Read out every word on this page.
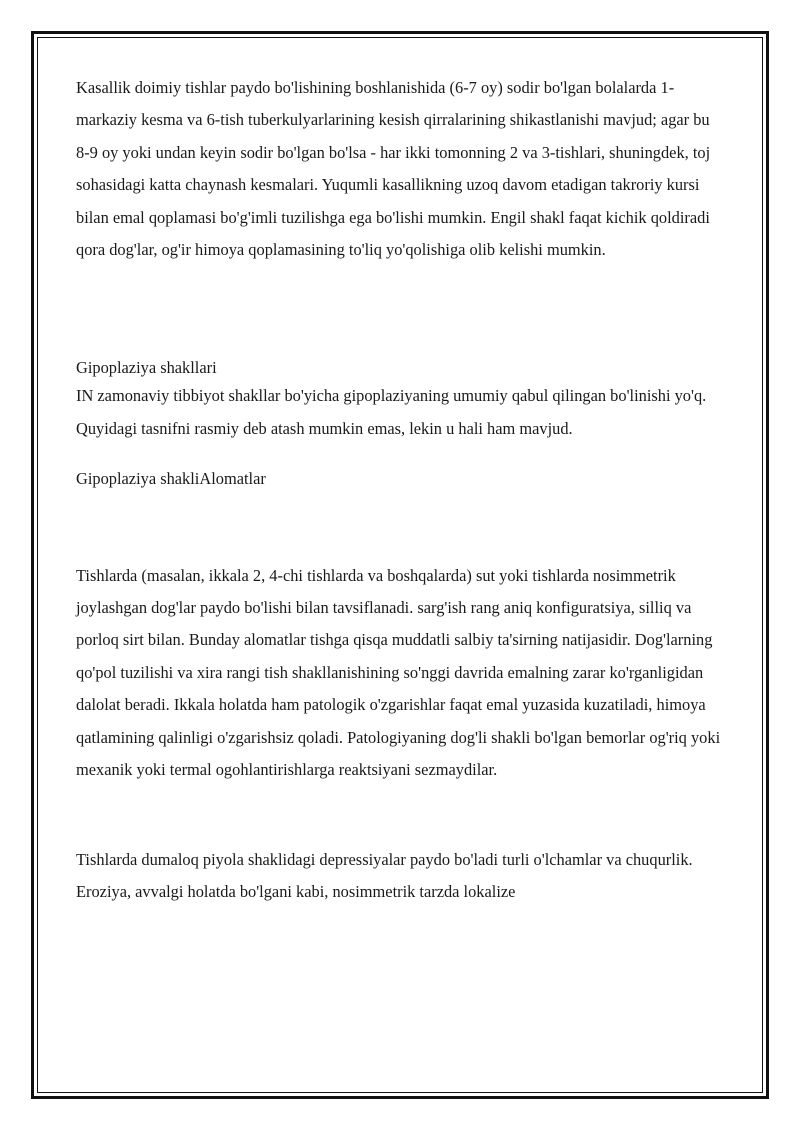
Kasallik doimiy tishlar paydo bo'lishining boshlanishida (6-7 oy) sodir bo'lgan bolalarda 1-markaziy kesma va 6-tish tuberkulyarlarining kesish qirralarining shikastlanishi mavjud; agar bu 8-9 oy yoki undan keyin sodir bo'lgan bo'lsa - har ikki tomonning 2 va 3-tishlari, shuningdek, toj sohasidagi katta chaynash kesmalari. Yuqumli kasallikning uzoq davom etadigan takroriy kursi bilan emal qoplamasi bo'g'imli tuzilishga ega bo'lishi mumkin. Engil shakl faqat kichik qoldiradi qora dog'lar, og'ir himoya qoplamasining to'liq yo'qolishiga olib kelishi mumkin.

Gipoplaziya shakllari

IN zamonaviy tibbiyot shakllar bo'yicha gipoplaziyaning umumiy qabul qilingan bo'linishi yo'q. Quyidagi tasnifni rasmiy deb atash mumkin emas, lekin u hali ham mavjud.

Gipoplaziya shakliAlomatlar

Tishlarda (masalan, ikkala 2, 4-chi tishlarda va boshqalarda) sut yoki tishlarda nosimmetrik joylashgan dog'lar paydo bo'lishi bilan tavsiflanadi. sarg'ish rang aniq konfiguratsiya, silliq va porloq sirt bilan. Bunday alomatlar tishga qisqa muddatli salbiy ta'sirning natijasidir. Dog'larning qo'pol tuzilishi va xira rangi tish shakllanishining so'nggi davrida emalning zarar ko'rganligidan dalolat beradi. Ikkala holatda ham patologik o'zgarishlar faqat emal yuzasida kuzatiladi, himoya qatlamining qalinligi o'zgarishsiz qoladi. Patologiyaning dog'li shakli bo'lgan bemorlar og'riq yoki mexanik yoki termal ogohlantirishlarga reaktsiyani sezmaydilar.

Tishlarda dumaloq piyola shaklidagi depressiyalar paydo bo'ladi turli o'lchamlar va chuqurlik. Eroziya, avvalgi holatda bo'lgani kabi, nosimmetrik tarzda lokalize
